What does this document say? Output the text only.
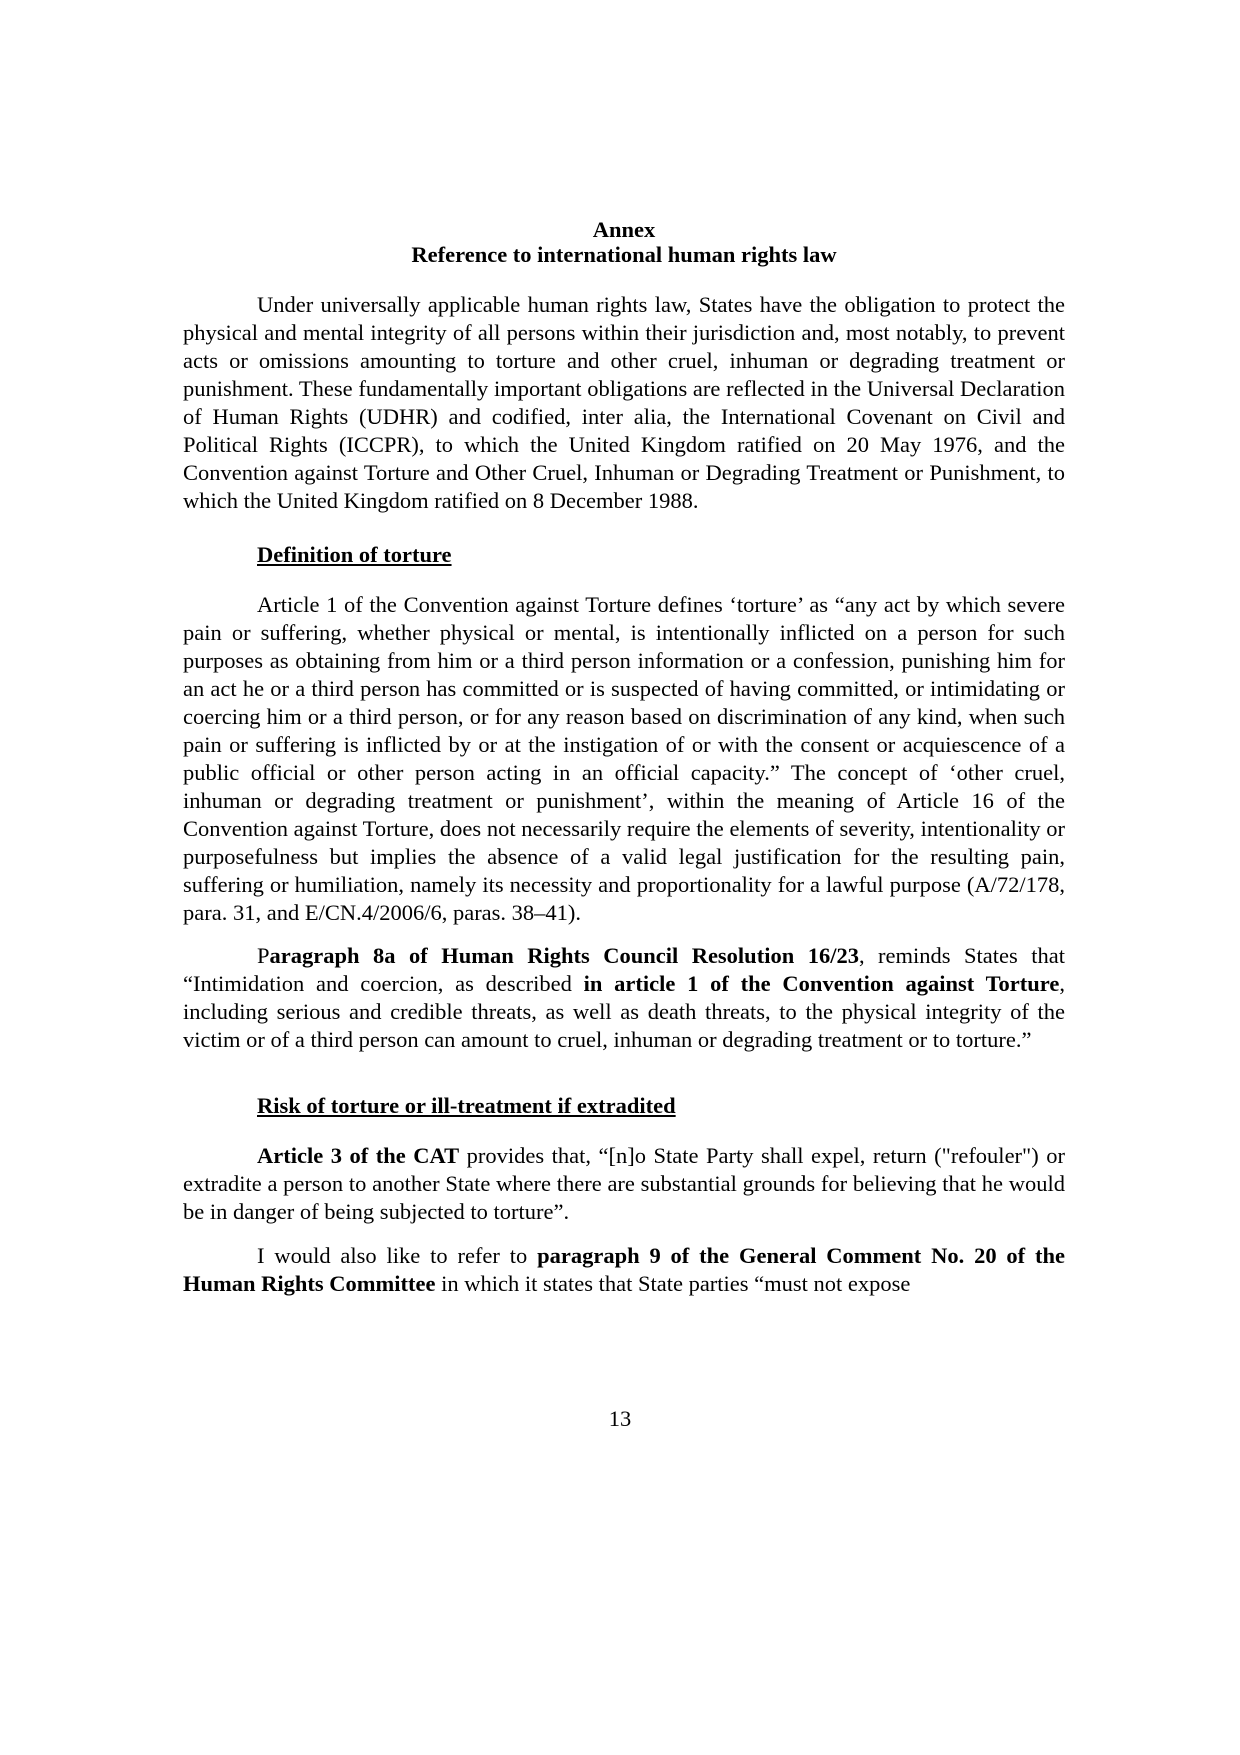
Annex
Reference to international human rights law

Under universally applicable human rights law, States have the obligation to protect the physical and mental integrity of all persons within their jurisdiction and, most notably, to prevent acts or omissions amounting to torture and other cruel, inhuman or degrading treatment or punishment. These fundamentally important obligations are reflected in the Universal Declaration of Human Rights (UDHR) and codified, inter alia, the International Covenant on Civil and Political Rights (ICCPR), to which the United Kingdom ratified on 20 May 1976, and the Convention against Torture and Other Cruel, Inhuman or Degrading Treatment or Punishment, to which the United Kingdom ratified on 8 December 1988.

Definition of torture

Article 1 of the Convention against Torture defines ‘torture’ as “any act by which severe pain or suffering, whether physical or mental, is intentionally inflicted on a person for such purposes as obtaining from him or a third person information or a confession, punishing him for an act he or a third person has committed or is suspected of having committed, or intimidating or coercing him or a third person, or for any reason based on discrimination of any kind, when such pain or suffering is inflicted by or at the instigation of or with the consent or acquiescence of a public official or other person acting in an official capacity.” The concept of ‘other cruel, inhuman or degrading treatment or punishment’, within the meaning of Article 16 of the Convention against Torture, does not necessarily require the elements of severity, intentionality or purposefulness but implies the absence of a valid legal justification for the resulting pain, suffering or humiliation, namely its necessity and proportionality for a lawful purpose (A/72/178, para. 31, and E/CN.4/2006/6, paras. 38–41).

Paragraph 8a of Human Rights Council Resolution 16/23, reminds States that “Intimidation and coercion, as described in article 1 of the Convention against Torture, including serious and credible threats, as well as death threats, to the physical integrity of the victim or of a third person can amount to cruel, inhuman or degrading treatment or to torture.”

Risk of torture or ill-treatment if extradited

Article 3 of the CAT provides that, “[n]o State Party shall expel, return ("refouler") or extradite a person to another State where there are substantial grounds for believing that he would be in danger of being subjected to torture”.

I would also like to refer to paragraph 9 of the General Comment No. 20 of the Human Rights Committee in which it states that State parties “must not expose

13
